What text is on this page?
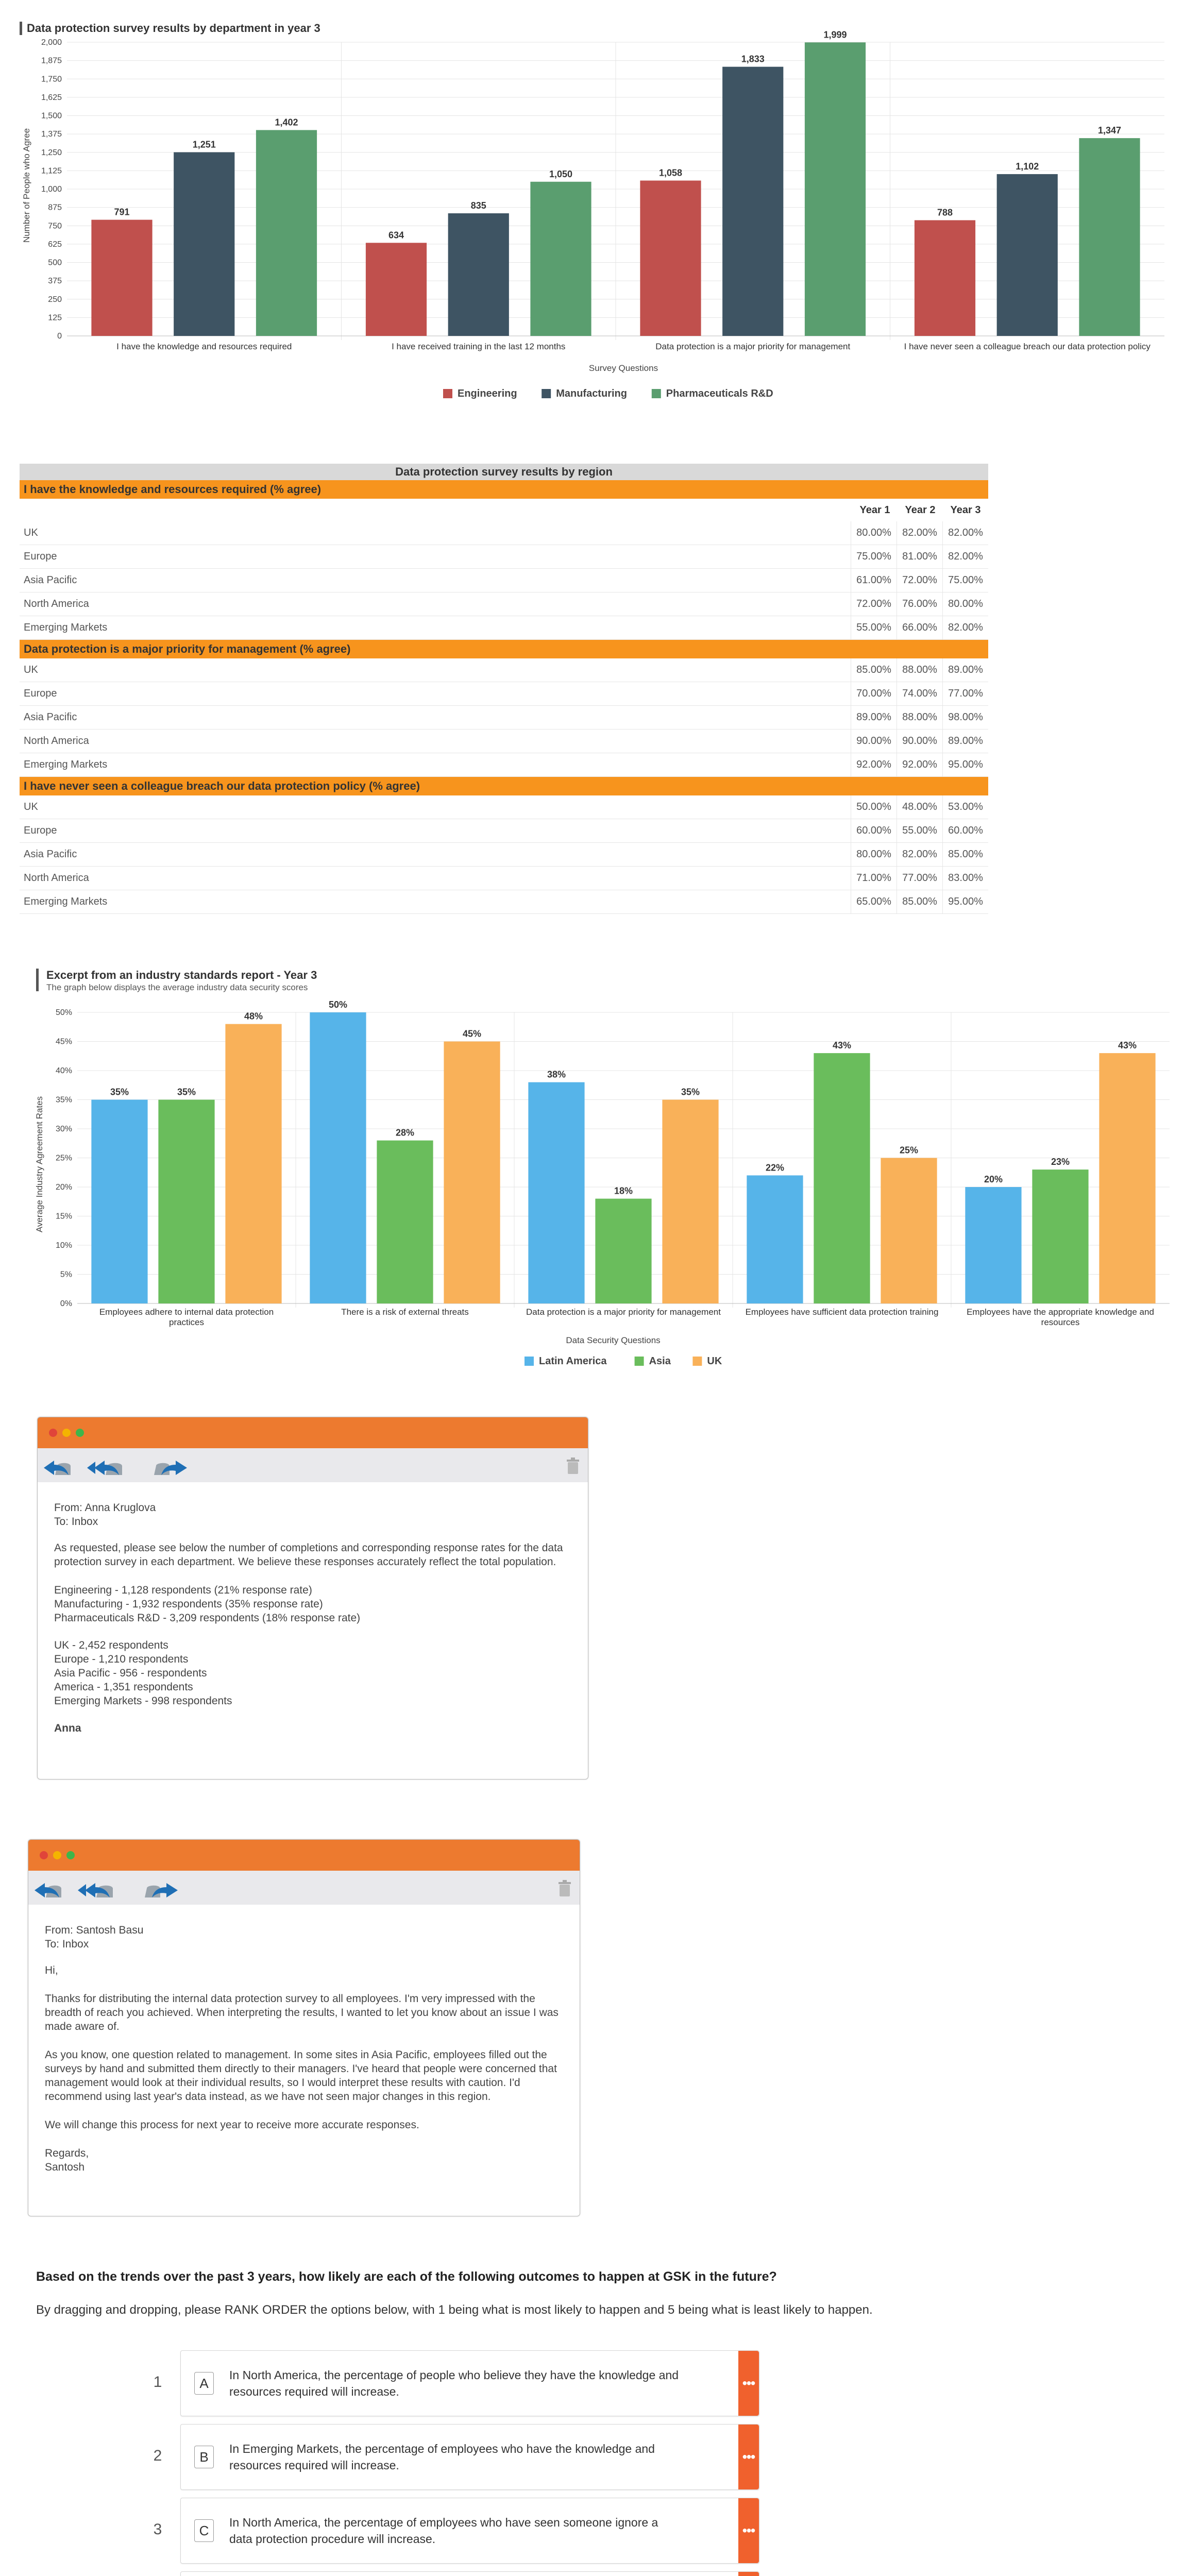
Data protection survey results by department in year 3
791
634
1,058
788
1,251
835
1,833
1,102
1,402
1,050
1,999
1,347
0
125
250
375
500
625
750
875
1,000
1,125
1,250
1,375
1,500
1,625
1,750
1,875
2,000
I have the knowledge and resources required	I have received training in the last 12 months	Data protection is a major priority for management	I have never seen a colleague breach our data protection policy
Survey Questions
Number of People who Agree
Engineering	Manufacturing	Pharmaceuticals R&D
Data protection survey results by region
I have the knowledge and resources required (% agree)
Year 1	Year 2	Year 3
UK	80.00%	82.00%	82.00%
Europe	75.00%	81.00%	82.00%
Asia Pacific	61.00%	72.00%	75.00%
North America	72.00%	76.00%	80.00%
Emerging Markets	55.00%	66.00%	82.00%
Data protection is a major priority for management (% agree)
UK	85.00%	88.00%	89.00%
Europe	70.00%	74.00%	77.00%
Asia Pacific	89.00%	88.00%	98.00%
North America	90.00%	90.00%	89.00%
Emerging Markets	92.00%	92.00%	95.00%
I have never seen a colleague breach our data protection policy (% agree)
UK	50.00%	48.00%	53.00%
Europe	60.00%	55.00%	60.00%
Asia Pacific	80.00%	82.00%	85.00%
North America	71.00%	77.00%	83.00%
Emerging Markets	65.00%	85.00%	95.00%
Excerpt from an industry standards report - Year 3
The graph below displays the average industry data security scores
35%
50%
38%
22%
20%
35%
28%
18%
43%
23%
48%
45%
35%
25%
43%
0%
5%
10%
15%
20%
25%
30%
35%
40%
45%
50%
Employees adhere to internal data protection
practices
There is a risk of external threats	Data protection is a major priority for management	Employees have sufficient data protection training	Employees have the appropriate knowledge and
resources
Data Security Questions
Average Industry Agreement Rates
Latin America	Asia	UK
From: Anna Kruglova
To: Inbox

As requested, please see below the number of completions and corresponding response rates for the data protection survey in each department. We believe these responses accurately reflect the total population.

Engineering - 1,128 respondents (21% response rate)
Manufacturing - 1,932 respondents (35% response rate)
Pharmaceuticals R&D - 3,209 respondents (18% response rate)
UK - 2,452 respondents
Europe - 1,210 respondents
Asia Pacific - 956 - respondents
America - 1,351 respondents
Emerging Markets - 998 respondents
Anna
From: Santosh Basu
To: Inbox

Hi,

Thanks for distributing the internal data protection survey to all employees. I'm very impressed with the breadth of reach you achieved. When interpreting the results, I wanted to let you know about an issue I was made aware of.

As you know, one question related to management. In some sites in Asia Pacific, employees filled out the surveys by hand and submitted them directly to their managers. I've heard that people were concerned that management would look at their individual results, so I would interpret these results with caution. I'd recommend using last year's data instead, as we have not seen major changes in this region.

We will change this process for next year to receive more accurate responses.

Regards,
Santosh
Based on the trends over the past 3 years, how likely are each of the following outcomes to happen at GSK in the future?
By dragging and dropping, please RANK ORDER the options below, with 1 being what is most likely to happen and 5 being what is least likely to happen.
1	A
In North America, the percentage of people who believe they have the knowledge and
resources required will increase.
•••
2	B
In Emerging Markets, the percentage of employees who have the knowledge and
resources required will increase.
•••
3	C
In North America, the percentage of employees who have seen someone ignore a
data protection procedure will increase.
•••
